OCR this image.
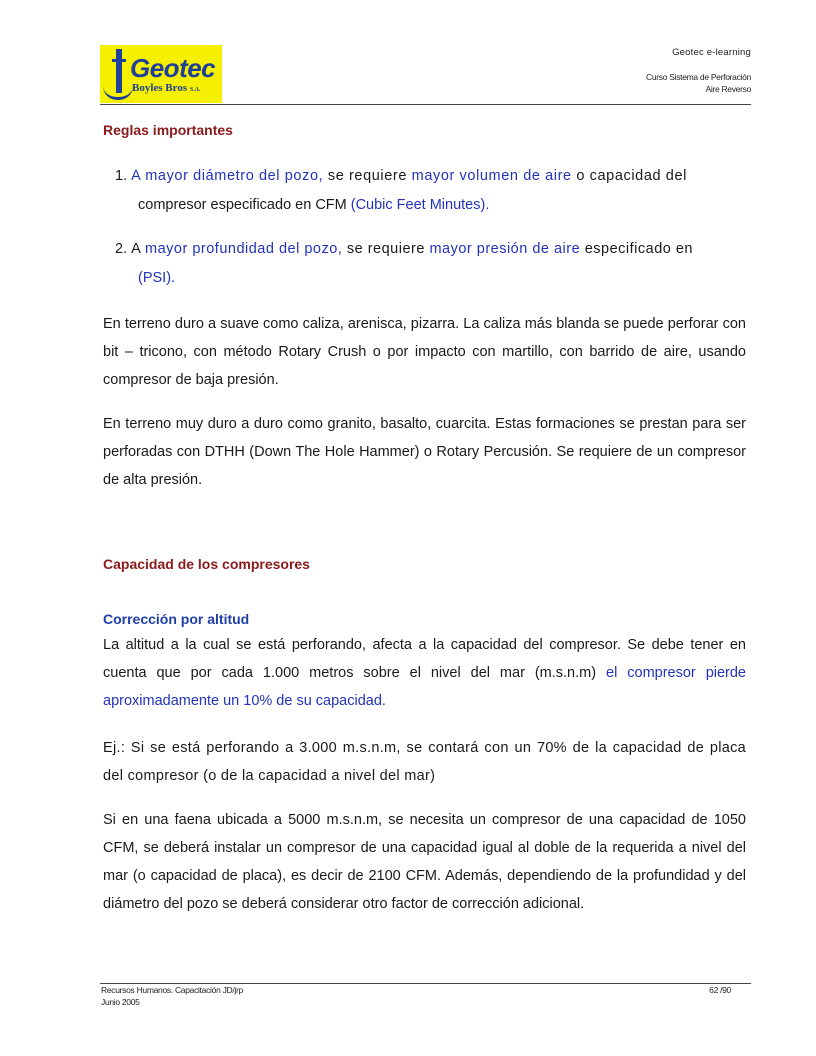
Geotec
Boyles Bros S.A.
Geotec e-learning
Curso Sistema de Perforación
Aire Reverso
Reglas importantes
1. A mayor diámetro del pozo, se requiere mayor volumen de aire o capacidad del
compresor especificado en CFM (Cubic Feet Minutes).
2. A mayor profundidad del pozo, se requiere mayor presión de aire especificado en
(PSI).
En terreno duro a suave como caliza, arenisca, pizarra. La caliza más blanda se puede perforar con bit – tricono, con método Rotary Crush o por impacto con martillo, con barrido de aire, usando compresor de baja presión.
En terreno muy duro a duro como granito, basalto, cuarcita. Estas formaciones se prestan para ser perforadas con DTHH (Down The Hole Hammer) o Rotary Percusión. Se requiere de un compresor de alta presión.
Capacidad de los compresores
Corrección por altitud
La altitud a la cual se está perforando, afecta a la capacidad del compresor. Se debe tener en cuenta que por cada 1.000 metros sobre el nivel del mar (m.s.n.m) el compresor pierde aproximadamente un 10% de su capacidad.
Ej.: Si se está perforando a 3.000 m.s.n.m, se contará con un 70% de la capacidad de placa del compresor (o de la capacidad a nivel del mar)
Si en una faena ubicada a 5000 m.s.n.m, se necesita un compresor de una capacidad de 1050 CFM, se deberá instalar un compresor de una capacidad igual al doble de la requerida a nivel del mar (o capacidad de placa), es decir de 2100 CFM. Además, dependiendo de la profundidad y del diámetro del pozo se deberá considerar otro factor de corrección adicional.
Recursos Humanos. Capacitación JD/jrp
Junio 2005
62 /90
